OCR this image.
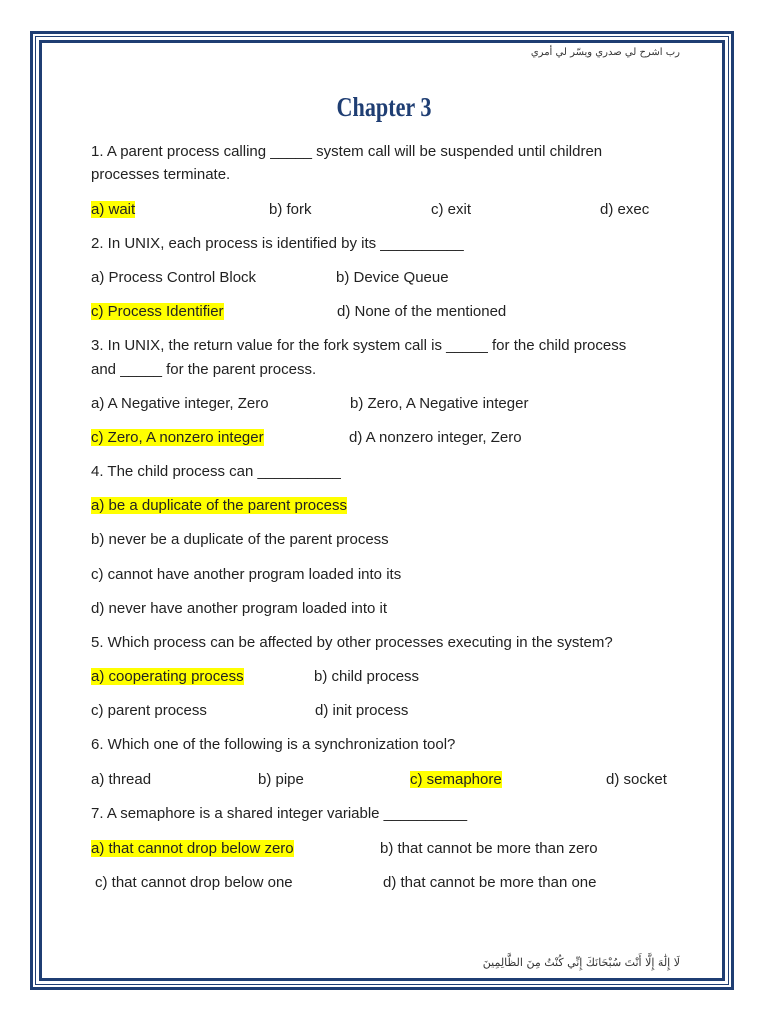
رب اشرح لي صدري ويسّر لي أمري
Chapter 3
1. A parent process calling _____ system call will be suspended until children
processes terminate.
a) wait	b) fork	c) exit	d) exec
2. In UNIX, each process is identified by its __________
a) Process Control Block	b) Device Queue
c) Process Identifier	d) None of the mentioned
3. In UNIX, the return value for the fork system call is _____ for the child process
and _____ for the parent process.
a) A Negative integer, Zero	b) Zero, A Negative integer
c) Zero, A nonzero integer	d) A nonzero integer, Zero
4. The child process can __________
a) be a duplicate of the parent process
b) never be a duplicate of the parent process
c) cannot have another program loaded into its
d) never have another program loaded into it
5. Which process can be affected by other processes executing in the system?
a) cooperating process	b) child process
c) parent process	d) init process
6. Which one of the following is a synchronization tool?
a) thread	b) pipe	c) semaphore	d) socket
7. A semaphore is a shared integer variable __________
a) that cannot drop below zero	b) that cannot be more than zero
c) that cannot drop below one	d) that cannot be more than one
لَا إِلَٰهَ إِلَّا أَنْتَ سُبْحَانَكَ إِنِّي كُنْتُ مِنَ الظَّالِمِينَ
